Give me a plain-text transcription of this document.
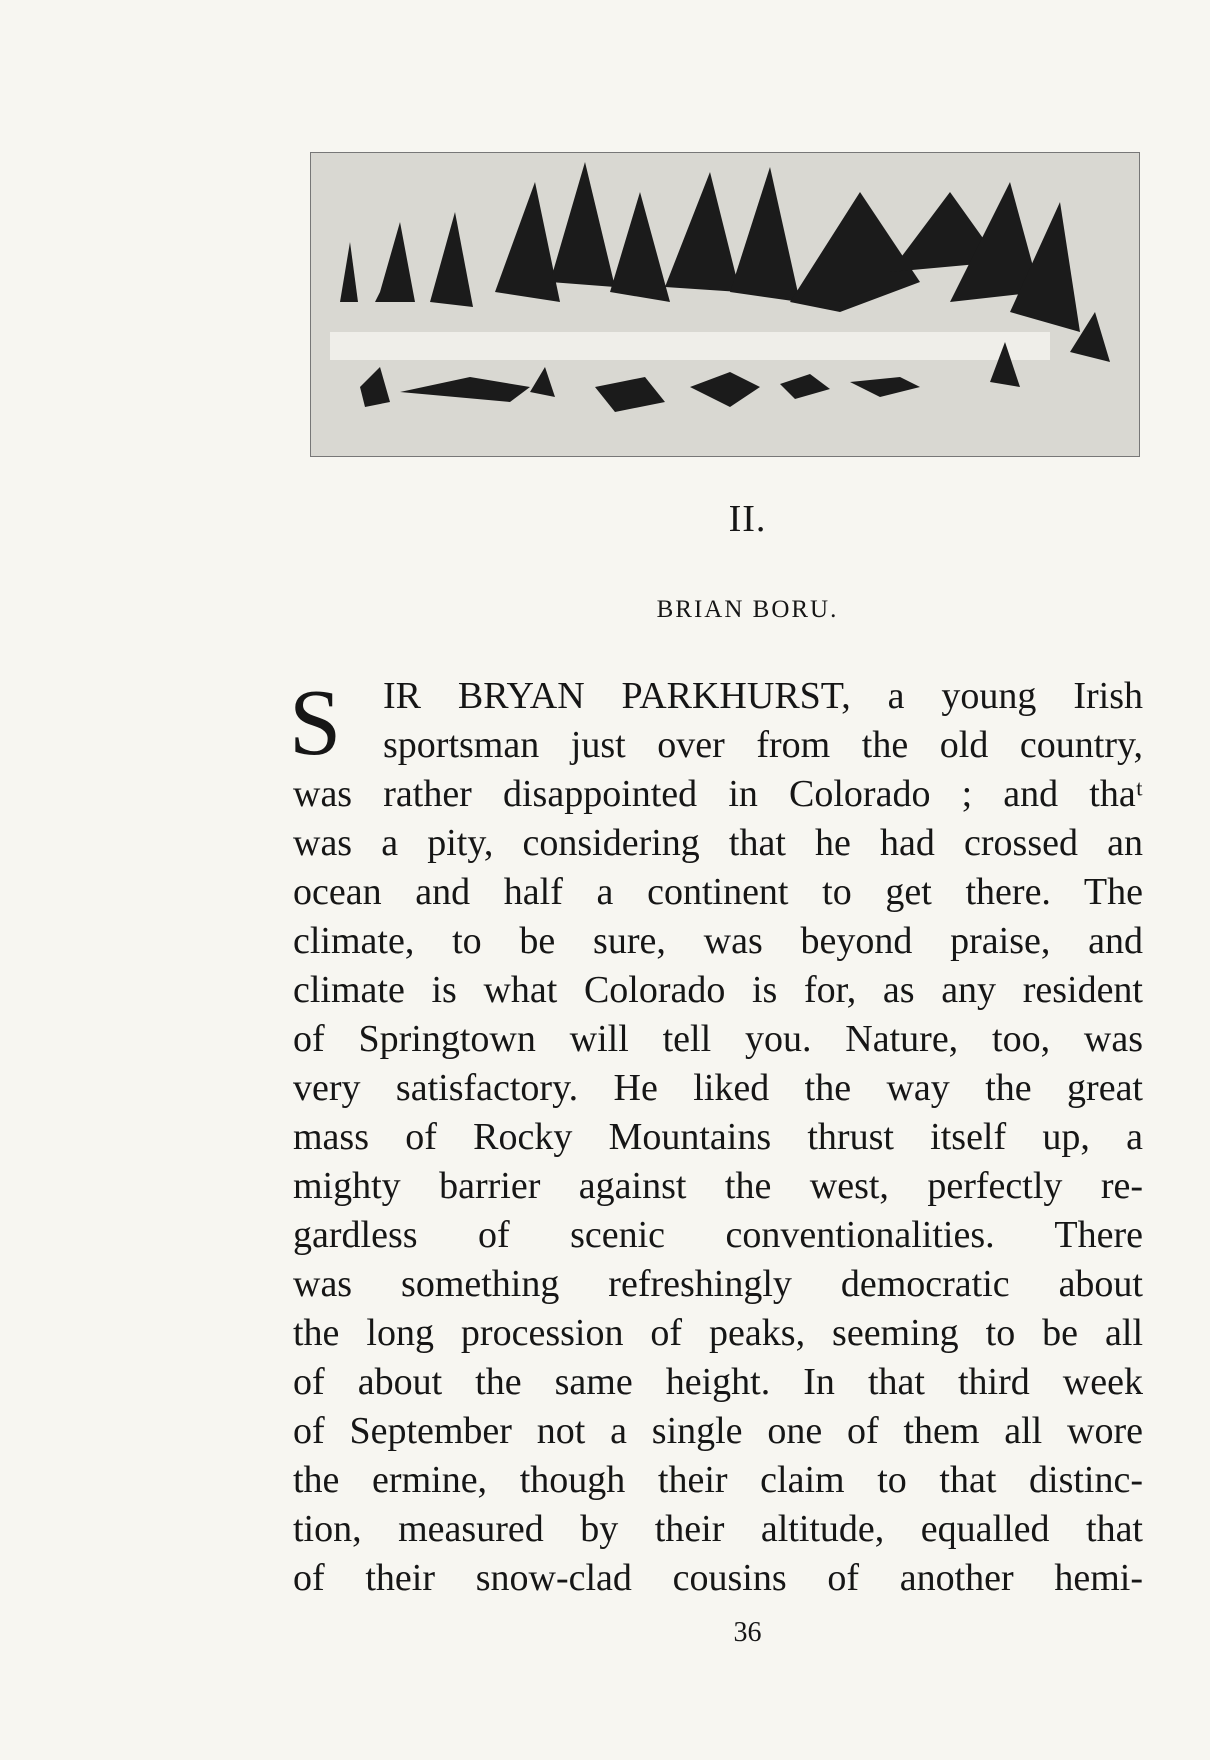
II.
BRIAN BORU.
S	IR BRYAN PARKHURST, a young Irish
sportsman just over from the old country,
was rather disappointed in Colorado ; and thaᵗ
was a pity, considering that he had crossed an
ocean and half a continent to get there. The
climate, to be sure, was beyond praise, and
climate is what Colorado is for, as any resident
of Springtown will tell you. Nature, too, was
very satisfactory. He liked the way the great
mass of Rocky Mountains thrust itself up, a
mighty barrier against the west, perfectly re-
gardless of scenic conventionalities. There
was something refreshingly democratic about
the long procession of peaks, seeming to be all
of about the same height. In that third week
of September not a single one of them all wore
the ermine, though their claim to that distinc-
tion, measured by their altitude, equalled that
of their snow-clad cousins of another hemi-
36
